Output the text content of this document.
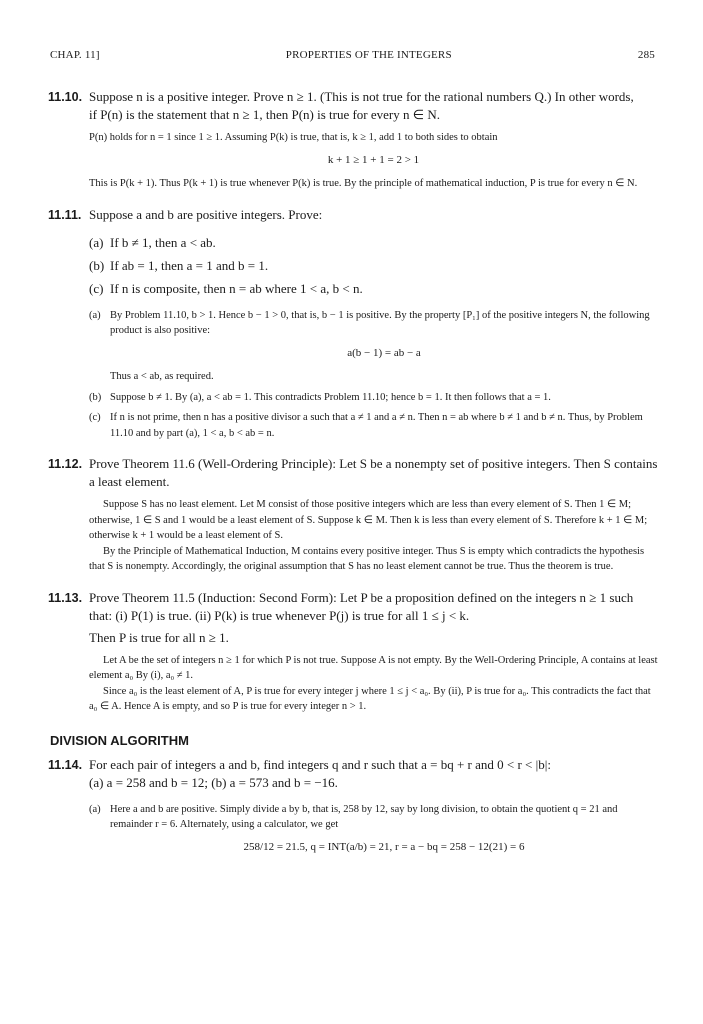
CHAP. 11]	PROPERTIES OF THE INTEGERS	285
11.10. Suppose n is a positive integer. Prove n ≥ 1. (This is not true for the rational numbers Q.) In other words,
if P(n) is the statement that n ≥ 1, then P(n) is true for every n ∈ N.

P(n) holds for n = 1 since 1 ≥ 1. Assuming P(k) is true, that is, k ≥ 1, add 1 to both sides to obtain

k + 1 ≥ 1 + 1 = 2 > 1

This is P(k + 1). Thus P(k + 1) is true whenever P(k) is true. By the principle of mathematical induction, P is true for every n ∈ N.

11.11. Suppose a and b are positive integers. Prove:
(a) If b ≠ 1, then a < ab.
(b) If ab = 1, then a = 1 and b = 1.
(c) If n is composite, then n = ab where 1 < a, b < n.
(a) By Problem 11.10, b > 1. Hence b − 1 > 0, that is, b − 1 is positive. By the property [P₁] of the positive integers N, the following product is also positive:
a(b − 1) = ab − a
Thus a < ab, as required.
(b) Suppose b ≠ 1. By (a), a < ab = 1. This contradicts Problem 11.10; hence b = 1. It then follows that a = 1.
(c) If n is not prime, then n has a positive divisor a such that a ≠ 1 and a ≠ n. Then n = ab where b ≠ 1 and b ≠ n. Thus, by Problem 11.10 and by part (a), 1 < a, b < ab = n.
11.12. Prove Theorem 11.6 (Well-Ordering Principle): Let S be a nonempty set of positive integers. Then S contains a least element.

Suppose S has no least element. Let M consist of those positive integers which are less than every element of S. Then 1 ∈ M; otherwise, 1 ∈ S and 1 would be a least element of S. Suppose k ∈ M. Then k is less than every element of S. Therefore k + 1 ∈ M; otherwise k + 1 would be a least element of S.

By the Principle of Mathematical Induction, M contains every positive integer. Thus S is empty which contradicts the hypothesis that S is nonempty. Accordingly, the original assumption that S has no least element cannot be true. Thus the theorem is true.

11.13. Prove Theorem 11.5 (Induction: Second Form): Let P be a proposition defined on the integers n ≥ 1 such that: (i) P(1) is true. (ii) P(k) is true whenever P(j) is true for all 1 ≤ j < k.
Then P is true for all n ≥ 1.

Let A be the set of integers n ≥ 1 for which P is not true. Suppose A is not empty. By the Well-Ordering Principle, A contains at least element a₀ By (i), a₀ ≠ 1.

Since a₀ is the least element of A, P is true for every integer j where 1 ≤ j < a₀. By (ii), P is true for a₀. This contradicts the fact that a₀ ∈ A. Hence A is empty, and so P is true for every integer n > 1.

DIVISION ALGORITHM
11.14. For each pair of integers a and b, find integers q and r such that a = bq + r and 0 < r < |b|:
(a) a = 258 and b = 12; (b) a = 573 and b = −16.
(a) Here a and b are positive. Simply divide a by b, that is, 258 by 12, say by long division, to obtain the quotient q = 21 and remainder r = 6. Alternately, using a calculator, we get
258/12 = 21.5, q = INT(a/b) = 21, r = a − bq = 258 − 12(21) = 6
